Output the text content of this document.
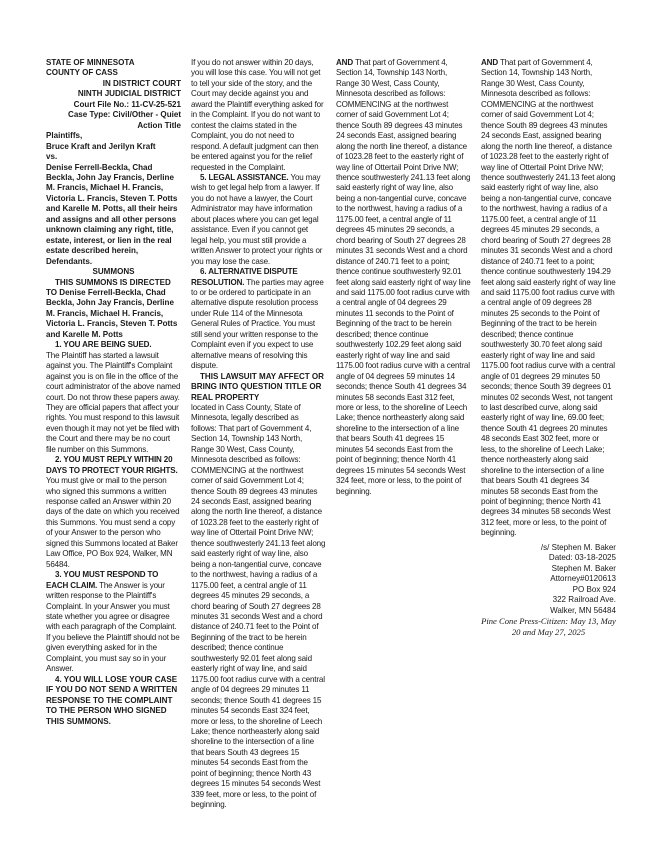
STATE OF MINNESOTA

COUNTY OF CASS

IN DISTRICT COURT

NINTH JUDICIAL DISTRICT

Court File No.: 11-CV-25-521

Case Type: Civil/Other - Quiet Action Title

Plaintiffs,

Bruce Kraft and Jerilyn Kraft

vs.

Denise Ferrell-Beckla, Chad Beckla, John Jay Francis, Derline M. Francis, Michael H. Francis, Victoria L. Francis, Steven T. Potts and Karelle M. Potts, all their heirs and assigns and all other persons unknown claiming any right, title, estate, interest, or lien in the real estate described herein,

Defendants.

SUMMONS

THIS SUMMONS IS DIRECTED TO Denise Ferrell-Beckla, Chad Beckla, John Jay Francis, Derline M. Francis, Michael H. Francis, Victoria L. Francis, Steven T. Potts and Karelle M. Potts

1. YOU ARE BEING SUED.
The Plaintiff has started a lawsuit against you. The Plaintiff's Complaint against you is on file in the office of the court administrator of the above named court. Do not throw these papers away. They are official papers that affect your rights. You must respond to this lawsuit even though it may not yet be filed with the Court and there may be no court file number on this Summons.

2. YOU MUST REPLY WITHIN 20 DAYS TO PROTECT YOUR RIGHTS. You must give or mail to the person who signed this summons a written response called an Answer within 20 days of the date on which you received this Summons. You must send a copy of your Answer to the person who signed this Summons located at Baker Law Office, PO Box 924, Walker, MN 56484.

3. YOU MUST RESPOND TO EACH CLAIM. The Answer is your written response to the Plaintiff's Complaint. In your Answer you must state whether you agree or disagree with each paragraph of the Complaint. If you believe the Plaintiff should not be given everything asked for in the Complaint, you must say so in your Answer.

4. YOU WILL LOSE YOUR CASE IF YOU DO NOT SEND A WRITTEN RESPONSE TO THE COMPLAINT TO THE PERSON WHO SIGNED THIS SUMMONS.

If you do not answer within 20 days, you will lose this case. You will not get to tell your side of the story, and the Court may decide against you and award the Plaintiff everything asked for in the Complaint. If you do not want to contest the claims stated in the Complaint, you do not need to respond. A default judgment can then be entered against you for the relief requested in the Complaint.

5. LEGAL ASSISTANCE. You may wish to get legal help from a lawyer. If you do not have a lawyer, the Court Administrator may have information about places where you can get legal assistance. Even if you cannot get legal help, you must still provide a written Answer to protect your rights or you may lose the case.

6. ALTERNATIVE DISPUTE RESOLUTION. The parties may agree to or be ordered to participate in an alternative dispute resolution process under Rule 114 of the Minnesota General Rules of Practice. You must still send your written response to the Complaint even if you expect to use alternative means of resolving this dispute.

THIS LAWSUIT MAY AFFECT OR BRING INTO QUESTION TITLE OR REAL PROPERTY

located in Cass County, State of Minnesota, legally described as follows: That part of Government 4, Section 14, Township 143 North, Range 30 West, Cass County, Minnesota described as follows: COMMENCING at the northwest corner of said Government Lot 4; thence South 89 degrees 43 minutes 24 seconds East, assigned bearing along the north line thereof, a distance of 1023.28 feet to the easterly right of way line of Ottertail Point Drive NW; thence southwesterly 241.13 feet along said easterly right of way line, also being a non-tangential curve, concave to the northwest, having a radius of a 1175.00 feet, a central angle of 11 degrees 45 minutes 29 seconds, a chord bearing of South 27 degrees 28 minutes 31 seconds West and a chord distance of 240.71 feet to the Point of Beginning of the tract to be herein described; thence continue southwesterly 92.01 feet along said easterly right of way line, and said 1175.00 foot radius curve with a central angle of 04 degrees 29 minutes 11 seconds; thence South 41 degrees 15 minutes 54 seconds East 324 feet, more or less, to the shoreline of Leech Lake; thence northeasterly along said shoreline to the intersection of a line that bears South 43 degrees 15 minutes 54 seconds East from the point of beginning; thence North 43 degrees 15 minutes 54 seconds West 339 feet, more or less, to the point of beginning.

AND That part of Government 4, Section 14, Township 143 North, Range 30 West, Cass County, Minnesota described as follows: COMMENCING at the northwest corner of said Government Lot 4; thence South 89 degrees 43 minutes 24 seconds East, assigned bearing along the north line thereof, a distance of 1023.28 feet to the easterly right of way line of Ottertail Point Drive NW; thence southwesterly 241.13 feet along said easterly right of way line, also being a non-tangential curve, concave to the northwest, having a radius of a 1175.00 feet, a central angle of 11 degrees 45 minutes 29 seconds, a chord bearing of South 27 degrees 28 minutes 31 seconds West and a chord distance of 240.71 feet to a point; thence continue southwesterly 92.01 feet along said easterly right of way line and said 1175.00 foot radius curve with a central angle of 04 degrees 29 minutes 11 seconds to the Point of Beginning of the tract to be herein described; thence continue southwesterly 102.29 feet along said easterly right of way line and said 1175.00 foot radius curve with a central angle of 04 degrees 59 minutes 14 seconds; thence South 41 degrees 34 minutes 58 seconds East 312 feet, more or less, to the shoreline of Leech Lake; thence northeasterly along said shoreline to the intersection of a line that bears South 41 degrees 15 minutes 54 seconds East from the point of beginning; thence North 41 degrees 15 minutes 54 seconds West 324 feet, more or less, to the point of beginning.

AND That part of Government 4, Section 14, Township 143 North, Range 30 West, Cass County, Minnesota described as follows: COMMENCING at the northwest corner of said Government Lot 4; thence South 89 degrees 43 minutes 24 seconds East, assigned bearing along the north line thereof, a distance of 1023.28 feet to the easterly right of way line of Ottertail Point Drive NW; thence southwesterly 241.13 feet along said easterly right of way line, also being a non-tangential curve, concave to the northwest, having a radius of a 1175.00 feet, a central angle of 11 degrees 45 minutes 29 seconds, a chord bearing of South 27 degrees 28 minutes 31 seconds West and a chord distance of 240.71 feet to a point; thence continue southwesterly 194.29 feet along said easterly right of way line and said 1175.00 foot radius curve with a central angle of 09 degrees 28 minutes 25 seconds to the Point of Beginning of the tract to be herein described; thence continue southwesterly 30.70 feet along said easterly right of way line and said 1175.00 foot radius curve with a central angle of 01 degrees 29 minutes 50 seconds; thence South 39 degrees 01 minutes 02 seconds West, not tangent to last described curve, along said easterly right of way line, 69.00 feet; thence South 41 degrees 20 minutes 48 seconds East 302 feet, more or less, to the shoreline of Leech Lake; thence northeasterly along said shoreline to the intersection of a line that bears South 41 degrees 34 minutes 58 seconds East from the point of beginning; thence North 41 degrees 34 minutes 58 seconds West 312 feet, more or less, to the point of beginning.

/s/ Stephen M. Baker

Dated: 03-18-2025

Stephen M. Baker

Attorney#0120613

PO Box 924

322 Railroad Ave.

Walker, MN 56484

Pine Cone Press-Citizen: May 13, May 20 and May 27, 2025
